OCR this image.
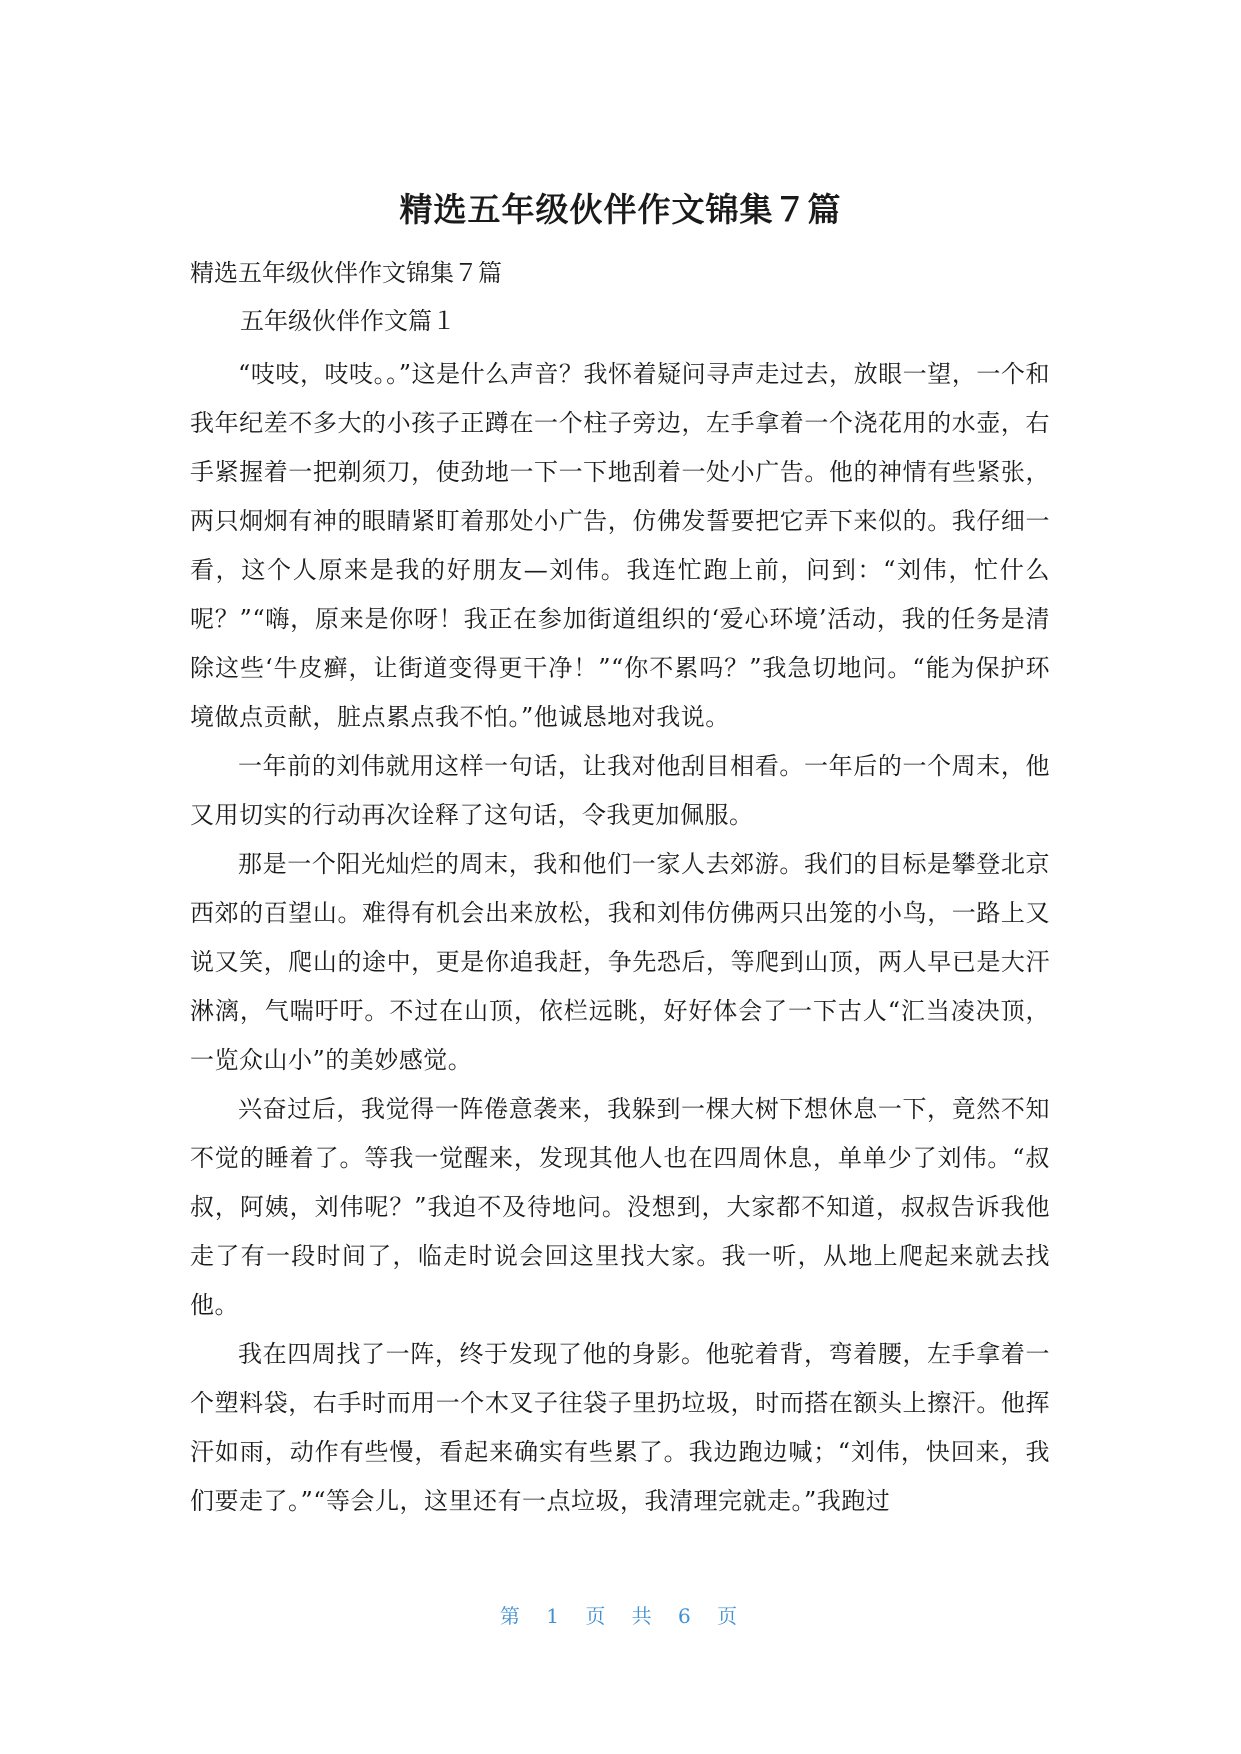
精选五年级伙伴作文锦集７篇

精选五年级伙伴作文锦集７篇

五年级伙伴作文篇１

“吱吱，吱吱。。”这是什么声音？我怀着疑问寻声走过去，放眼一望，一个和我年纪差不多大的小孩子正蹲在一个柱子旁边，左手拿着一个浇花用的水壶，右手紧握着一把剃须刀，使劲地一下一下地刮着一处小广告。他的神情有些紧张，两只炯炯有神的眼睛紧盯着那处小广告，仿佛发誓要把它弄下来似的。我仔细一看，这个人原来是我的好朋友—刘伟。我连忙跑上前，问到：“刘伟，忙什么呢？”“嗨，原来是你呀！我正在参加街道组织的‘爱心环境’活动，我的任务是清除这些‘牛皮癣，让街道变得更干净！”“你不累吗？”我急切地问。“能为保护环境做点贡献，脏点累点我不怕。”他诚恳地对我说。

一年前的刘伟就用这样一句话，让我对他刮目相看。一年后的一个周末，他又用切实的行动再次诠释了这句话，令我更加佩服。

那是一个阳光灿烂的周末，我和他们一家人去郊游。我们的目标是攀登北京西郊的百望山。难得有机会出来放松，我和刘伟仿佛两只出笼的小鸟，一路上又说又笑，爬山的途中，更是你追我赶，争先恐后，等爬到山顶，两人早已是大汗淋漓，气喘吁吁。不过在山顶，依栏远眺，好好体会了一下古人“汇当凌决顶，一览众山小”的美妙感觉。

兴奋过后，我觉得一阵倦意袭来，我躲到一棵大树下想休息一下，竟然不知不觉的睡着了。等我一觉醒来，发现其他人也在四周休息，单单少了刘伟。“叔叔，阿姨，刘伟呢？”我迫不及待地问。没想到，大家都不知道，叔叔告诉我他走了有一段时间了，临走时说会回这里找大家。我一听，从地上爬起来就去找他。

我在四周找了一阵，终于发现了他的身影。他驼着背，弯着腰，左手拿着一个塑料袋，右手时而用一个木叉子往袋子里扔垃圾，时而搭在额头上擦汗。他挥汗如雨，动作有些慢，看起来确实有些累了。我边跑边喊；“刘伟，快回来，我们要走了。”“等会儿，这里还有一点垃圾，我清理完就走。”我跑过

第 1 页 共 6 页
